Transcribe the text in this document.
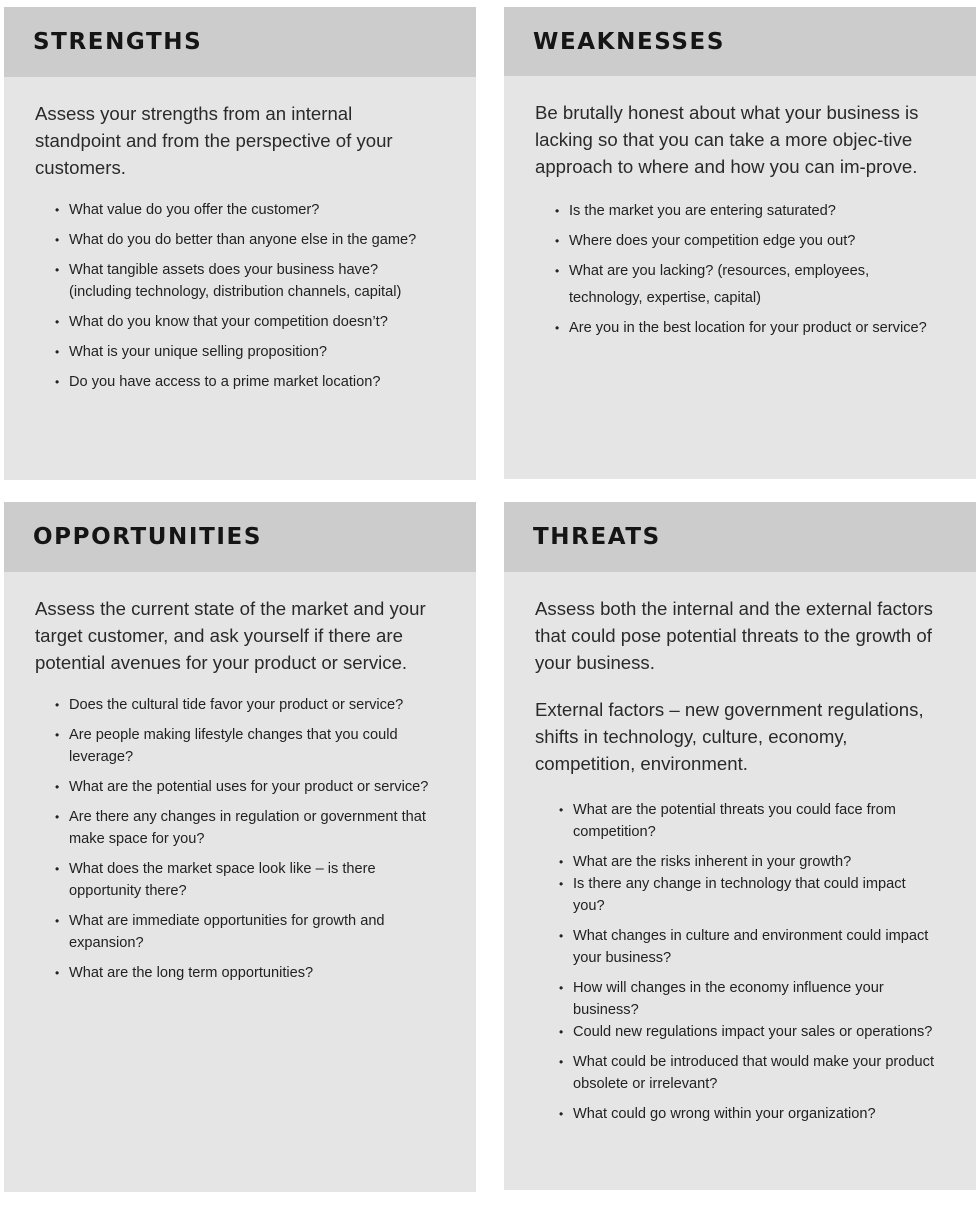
STRENGTHS

Assess your strengths from an internal standpoint and from the perspective of your customers.

• What value do you offer the customer?
• What do you do better than anyone else in the game?
• What tangible assets does your business have? (including technology, distribution channels, capital)
• What do you know that your competition doesn’t?
• What is your unique selling proposition?
• Do you have access to a prime market location?
WEAKNESSES

Be brutally honest about what your business is lacking so that you can take a more objec-tive approach to where and how you can im-prove.

• Is the market you are entering saturated?
• Where does your competition edge you out?
• What are you lacking? (resources, employees, technology, expertise, capital)
• Are you in the best location for your product or service?
OPPORTUNITIES

Assess the current state of the market and your target customer, and ask yourself if there are potential avenues for your product or service.

• Does the cultural tide favor your product or service?
• Are people making lifestyle changes that you could leverage?
• What are the potential uses for your product or service?
• Are there any changes in regulation or government that make space for you?
• What does the market space look like – is there opportunity there?
• What are immediate opportunities for growth and expansion?
• What are the long term opportunities?
THREATS

Assess both the internal and the external factors that could pose potential threats to the growth of your business.

External factors – new government regulations, shifts in technology, culture, economy, competition, environment.

• What are the potential threats you could face from competition?
• What are the risks inherent in your growth?
• Is there any change in technology that could impact you?
• What changes in culture and environment could impact your business?
• How will changes in the economy influence your business?
• Could new regulations impact your sales or operations?
• What could be introduced that would make your product obsolete or irrelevant?
• What could go wrong within your organization?
